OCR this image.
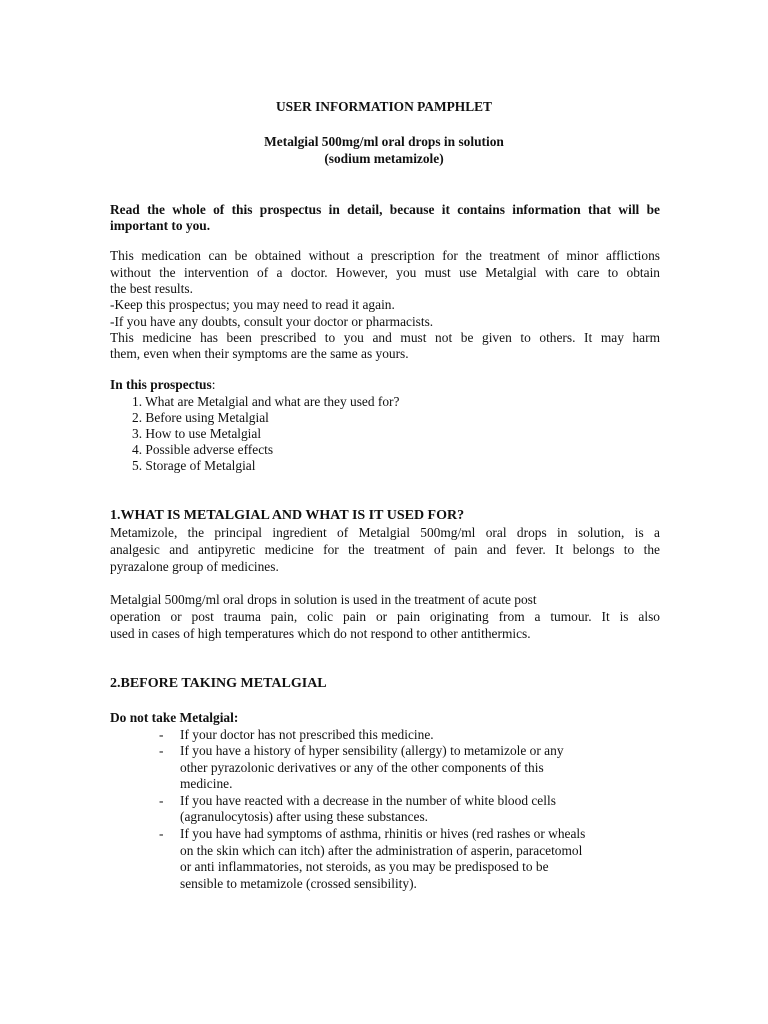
USER INFORMATION PAMPHLET
Metalgial 500mg/ml oral drops in solution
(sodium metamizole)
Read the whole of this prospectus in detail, because it contains information that will be
important to you.
This medication can be obtained without a prescription for the treatment of minor afflictions
without the intervention of a doctor. However, you must use Metalgial with care to obtain
the best results.
-Keep this prospectus; you may need to read it again.
-If you have any doubts, consult your doctor or pharmacists.
This medicine has been prescribed to you and must not be given to others. It may harm
them, even when their symptoms are the same as yours.
In this prospectus:
1. What are Metalgial and what are they used for?
2. Before using Metalgial
3. How to use Metalgial
4. Possible adverse effects
5. Storage of Metalgial
1.WHAT IS METALGIAL AND WHAT IS IT USED FOR?
Metamizole, the principal ingredient of Metalgial 500mg/ml oral drops in solution, is a
analgesic and antipyretic medicine for the treatment of pain and fever. It belongs to the
pyrazalone group of medicines.
Metalgial 500mg/ml oral drops in solution is used in the treatment of acute post
operation or post trauma pain, colic pain or pain originating from a tumour. It is also
used in cases of high temperatures which do not respond to other antithermics.
2.BEFORE TAKING METALGIAL
Do not take Metalgial:
-	If your doctor has not prescribed this medicine.
-	If you have a history of hyper sensibility (allergy) to metamizole or any
other pyrazolonic derivatives or any of the other components of this
medicine.
-	If you have reacted with a decrease in the number of white blood cells
(agranulocytosis) after using these substances.
-	If you have had symptoms of asthma, rhinitis or hives (red rashes or wheals
on the skin which can itch) after the administration of asperin, paracetomol
or anti inflammatories, not steroids, as you may be predisposed to be
sensible to metamizole (crossed sensibility).
